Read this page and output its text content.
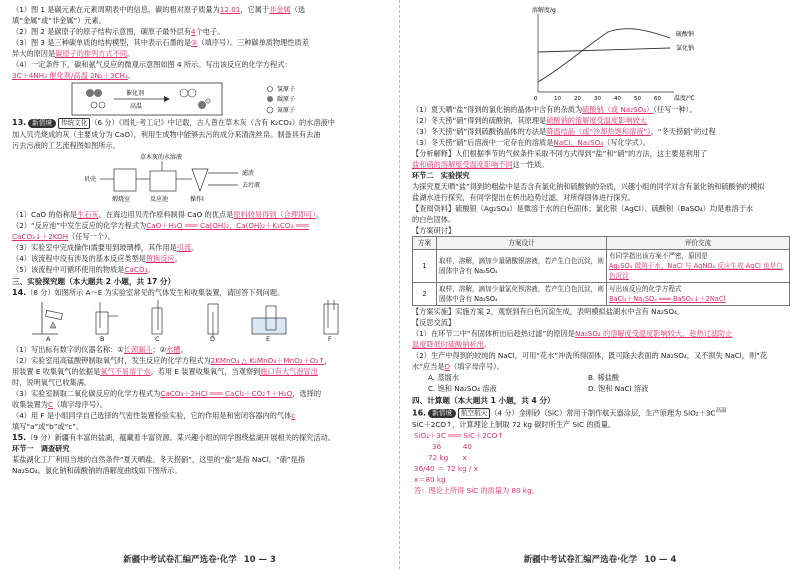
（1）图 1 是碳元素在元素周期表中的信息，碳的相对原子质量为12.01，它属于非金属（选
填“金属”或“非金属”）元素。
（2）图 2 是碳原子的原子结构示意图，碳原子最外层有4个电子。
（3）图 3 是三种碳单质的结构模型，其中表示石墨的是②（填序号）。三种碳单质物理性质差
异大的原因是碳原子的排列方式不同。
（4）一定条件下，碳和氨气反应的微观示意图如图 4 所示。写出该反应的化学方程式：
3C＋4NH₃ 催化剂/高温 2N₂＋3CH₄。
催化剂
高温
氢原子
碳原子
氮原子
13. 新情境 传统文化 （6 分）《周礼·考工记》中记载，古人曾在草木灰（含有 K₂CO₃）的水溶液中
加入贝壳烧成的灰（主要成分为 CaO），利用生成物中能够去污的成分来清洗丝帛。制备具有去油
污去污液的工艺流程图如图所示。
草木灰的水溶液
贝壳
滤渣
去污液
煅烧室	反应池	操作Ⅰ
（1）CaO 的俗称是生石灰。在海边用贝壳作原料制得 CaO 的优点是原料较易得到（合理即可）。
（2）“反应池”中发生反应的化学方程式为CaO＋H₂O ═══ Ca(OH)₂，Ca(OH)₂＋K₂CO₃ ═══
CaCO₃↓＋2KOH（任写一个）。
（3）实验室中完成操作Ⅰ需要用到玻璃棒，其作用是引流。
（4）该流程中没有涉及的基本反应类型是置换反应。
（5）该流程中可循环使用的物质是CaCO₃。
三、实验探究题（本大题共 2 小题，共 17 分）
14.（8 分）如图所示 A～E 为实验室常见的气体发生和收集装置，请回答下列问题。
A	B	C	D	E	F
（1）写出标有数字的仪器名称：①长颈漏斗；②水槽。
（2）实验室用高锰酸钾制取氧气时，发生反应的化学方程式为2KMnO₄ △ K₂MnO₄＋MnO₂＋O₂↑，
用装置 E 收集氧气的依据是氧气不易溶于水。若用 E 装置收集氧气，当观察到瓶口有大气泡冒出
时，说明氧气已收集满。
（3）实验室制取二氧化碳反应的化学方程式为CaCO₃＋2HCl ═══ CaCl₂＋CO₂↑＋H₂O，选择的
收集装置为C（填字母序号）。
（4）用 F 是小组同学自己选择的气密性装置检验实验，它的作用是和密闭容器内的气体c
填写“a”或“b”或“c”。
15.（9 分）新疆有丰富的盐湖，蕴藏着丰富资源。某兴趣小组的同学围绕盐湖开展相关的探究活动。
环节一　调查研究
某盐湖化工厂利用当地的自然条件“夏天晒盐、冬天捞硝”，这里的“盐”是指 NaCl，“硝”是指
Na₂SO₄。氯化钠和硫酸钠的溶解度曲线如下图所示。
新疆中考试卷汇编严选卷·化学 10 — 3
溶解度/g
硫酸钠
氯化钠
0	10 20 30 40 50 60 温度/℃
（1）夏天晒“盐”得到的氯化钠的晶体中含有的杂质为硫酸钠（或 Na₂SO₄）（任写一种）。
（2）冬天捞“硝”得到的硫酸钠，其原理是硫酸钠的溶解度受温度影响较大
（3）冬天捞“硝”得到硫酸钠晶体的方法是降温结晶（或“冷却热饱和溶液”），“冬天捞硝”的过程
（3）冬天捞“硝”后溶液中一定存在的溶质是NaCl、Na₂SO₄（写化学式）。
【分析解释】人们根据季节的气候条件采取不同方式得到“盐”和“硝”的方法，这主要是利用了
盐和硝的溶解度受温度影响不同这一性质。
环节二　实验探究
为探究夏天晒“盐”得到的粗盐中是否含有氯化钠和硫酸钠的杂质，兴趣小组的同学对含有氯化钠和硫酸钠的模拟
盐湖水进行探究，有同学提出在析出趋势过滤，对所得固体进行探究。
【查阅资料】硫酸银（Ag₂SO₄）是微溶于水的白色固体；氯化银（AgCl）、硫酸钡（BaSO₄）均是难溶于水
的白色固体。
【方案研讨】
方案	方案设计	评价交流
1	取样，溶解，滴加少量硝酸银溶液，若产生白色沉淀，则固体中含有 Na₂SO₄	有同学指出该方案不严密，原因是
Ag₂SO₄ 微溶于水，NaCl 与 AgNO₃ 反应生成 AgCl 也是白色沉淀
2	取样，溶解，滴加少量氯化钡溶液，若产生白色沉淀，则固体中含有 Na₂SO₄	写出该反应的化学方程式
BaCl₂＋Na₂SO₄ ═══ BaSO₄↓＋2NaCl
【方案实施】实施方案 2，观察到有白色沉淀生成，表明模拟盐湖水中含有 Na₂SO₄。
【反思交流】
（1）在环节二中“有固体析出后趁热过滤”的原因是Na₂SO₄ 的溶解度受温度影响较大，趁热过滤防止
温度降低时硫酸钠析出。
（2）生产中得到的较纯的 NaCl，可用“花水”冲洗所得固体，既可除去表面的 Na₂SO₄，又不损失 NaCl，则“花
水”应当是D（填字母序号）。
A. 蒸馏水	B. 稀盐酸
C. 饱和 Na₂SO₄ 溶液	D. 饱和 NaCl 溶液
四、计算题（本大题共 1 小题，共 4 分）
16. 新情境 航空航天 （4 分）金刚砂（SiC）常用于制作航天器涂层，生产原理为 $SiO_2+3C^{高温}$
SiC＋2CO↑，计算理论上制取 72 kg 碳时所生产 SiC 的质量。
SiO₂＋3C ═══ SiC＋2CO↑
36　　　40
72 kg　　x
36/40 ＝ 72 kg / x
x＝80 kg
答：理论上所得 SiC 的质量为 80 kg。
新疆中考试卷汇编严选卷·化学 10 — 4
